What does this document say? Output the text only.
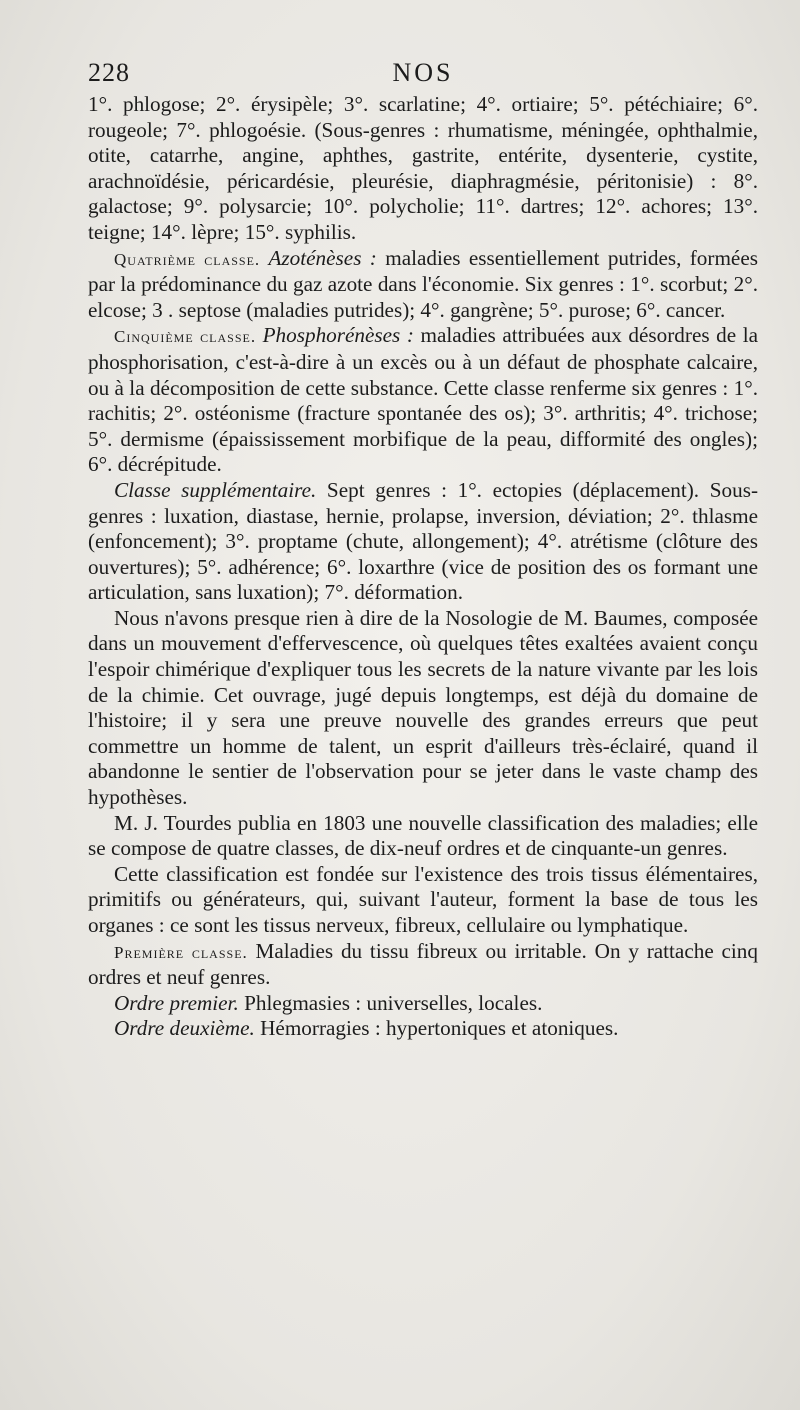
228	NOS

1°. phlogose; 2°. érysipèle; 3°. scarlatine; 4°. ortiaire; 5°. pétéchiaire; 6°. rougeole; 7°. phlogoésie. (Sous-genres : rhumatisme, méningée, ophthalmie, otite, catarrhe, angine, aphthes, gastrite, entérite, dysenterie, cystite, arachnoïdésie, péricardésie, pleurésie, diaphragmésie, péritonisie) : 8°. galactose; 9°. polysarcie; 10°. polycholie; 11°. dartres; 12°. achores; 13°. teigne; 14°. lèpre; 15°. syphilis.

Quatrième classe. Azoténèses : maladies essentiellement putrides, formées par la prédominance du gaz azote dans l'économie. Six genres : 1°. scorbut; 2°. elcose; 3 . septose (maladies putrides); 4°. gangrène; 5°. purose; 6°. cancer.

Cinquième classe. Phosphorénèses : maladies attribuées aux désordres de la phosphorisation, c'est-à-dire à un excès ou à un défaut de phosphate calcaire, ou à la décomposition de cette substance. Cette classe renferme six genres : 1°. rachitis; 2°. ostéonisme (fracture spontanée des os); 3°. arthritis; 4°. trichose; 5°. dermisme (épaississement morbifique de la peau, difformité des ongles); 6°. décrépitude.

Classe supplémentaire. Sept genres : 1°. ectopies (déplacement). Sous-genres : luxation, diastase, hernie, prolapse, inversion, déviation; 2°. thlasme (enfoncement); 3°. proptame (chute, allongement); 4°. atrétisme (clôture des ouvertures); 5°. adhérence; 6°. loxarthre (vice de position des os formant une articulation, sans luxation); 7°. déformation.

Nous n'avons presque rien à dire de la Nosologie de M. Baumes, composée dans un mouvement d'effervescence, où quelques têtes exaltées avaient conçu l'espoir chimérique d'expliquer tous les secrets de la nature vivante par les lois de la chimie. Cet ouvrage, jugé depuis longtemps, est déjà du domaine de l'histoire; il y sera une preuve nouvelle des grandes erreurs que peut commettre un homme de talent, un esprit d'ailleurs très-éclairé, quand il abandonne le sentier de l'observation pour se jeter dans le vaste champ des hypothèses.

M. J. Tourdes publia en 1803 une nouvelle classification des maladies; elle se compose de quatre classes, de dix-neuf ordres et de cinquante-un genres.

Cette classification est fondée sur l'existence des trois tissus élémentaires, primitifs ou générateurs, qui, suivant l'auteur, forment la base de tous les organes : ce sont les tissus nerveux, fibreux, cellulaire ou lymphatique.

Première classe. Maladies du tissu fibreux ou irritable. On y rattache cinq ordres et neuf genres.

Ordre premier. Phlegmasies : universelles, locales.

Ordre deuxième. Hémorragies : hypertoniques et atoniques.
